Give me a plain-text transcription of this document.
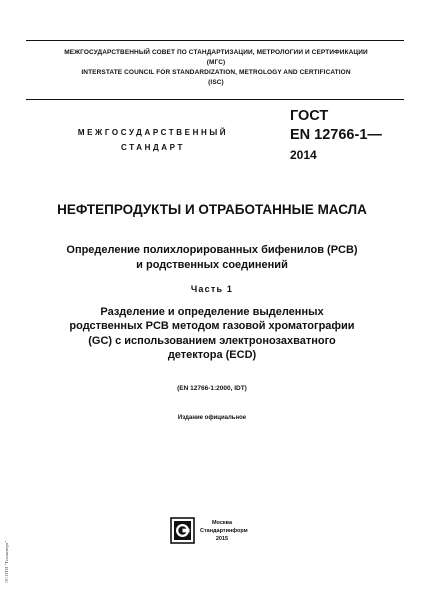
МЕЖГОСУДАРСТВЕННЫЙ СОВЕТ ПО СТАНДАРТИЗАЦИИ, МЕТРОЛОГИИ И СЕРТИФИКАЦИИ
(МГС)
INTERSTATE COUNCIL FOR STANDARDIZATION, METROLOGY AND CERTIFICATION
(ISC)
МЕЖГОСУДАРСТВЕННЫЙ
СТАНДАРТ
ГОСТ
EN 12766-1—
2014
НЕФТЕПРОДУКТЫ И ОТРАБОТАННЫЕ МАСЛА
Определение полихлорированных бифенилов (PCB)
и родственных соединений
Часть 1
Разделение и определение выделенных
родственных PCB методом газовой хроматографии
(GC) с использованием электронозахватного
детектора (ECD)
(EN 12766-1:2000, IDT)
Издание официальное
Москва
Стандартинформ
2015
ЭС НТИ "Техэксперт"
